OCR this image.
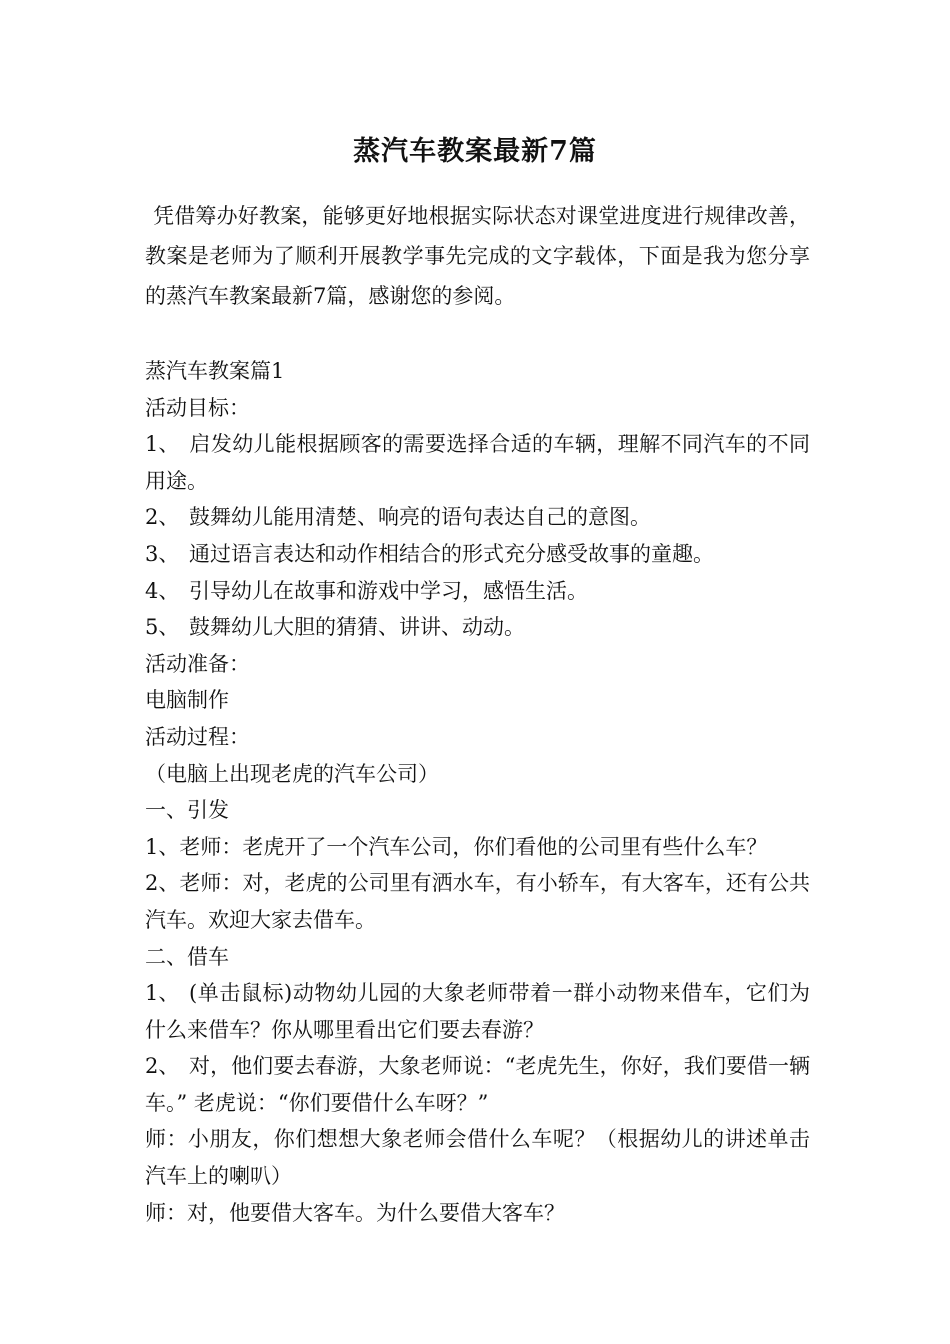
蒸汽车教案最新7篇

凭借筹办好教案，能够更好地根据实际状态对课堂进度进行规律改善，教案是老师为了顺利开展教学事先完成的文字载体，下面是我为您分享的蒸汽车教案最新7篇，感谢您的参阅。

蒸汽车教案篇1

活动目标：

1、 启发幼儿能根据顾客的需要选择合适的车辆，理解不同汽车的不同用途。

2、 鼓舞幼儿能用清楚、响亮的语句表达自己的意图。

3、 通过语言表达和动作相结合的形式充分感受故事的童趣。

4、 引导幼儿在故事和游戏中学习，感悟生活。

5、 鼓舞幼儿大胆的猜猜、讲讲、动动。

活动准备：

电脑制作

活动过程：

（电脑上出现老虎的汽车公司）

一、引发

1、老师：老虎开了一个汽车公司，你们看他的公司里有些什么车？

2、老师：对，老虎的公司里有洒水车，有小轿车，有大客车，还有公共汽车。欢迎大家去借车。

二、借车

1、 (单击鼠标)动物幼儿园的大象老师带着一群小动物来借车，它们为什么来借车？你从哪里看出它们要去春游？

2、 对，他们要去春游，大象老师说：“老虎先生，你好，我们要借一辆车。” 老虎说：“你们要借什么车呀？”

师：小朋友，你们想想大象老师会借什么车呢？（根据幼儿的讲述单击汽车上的喇叭）

师：对，他要借大客车。为什么要借大客车？
